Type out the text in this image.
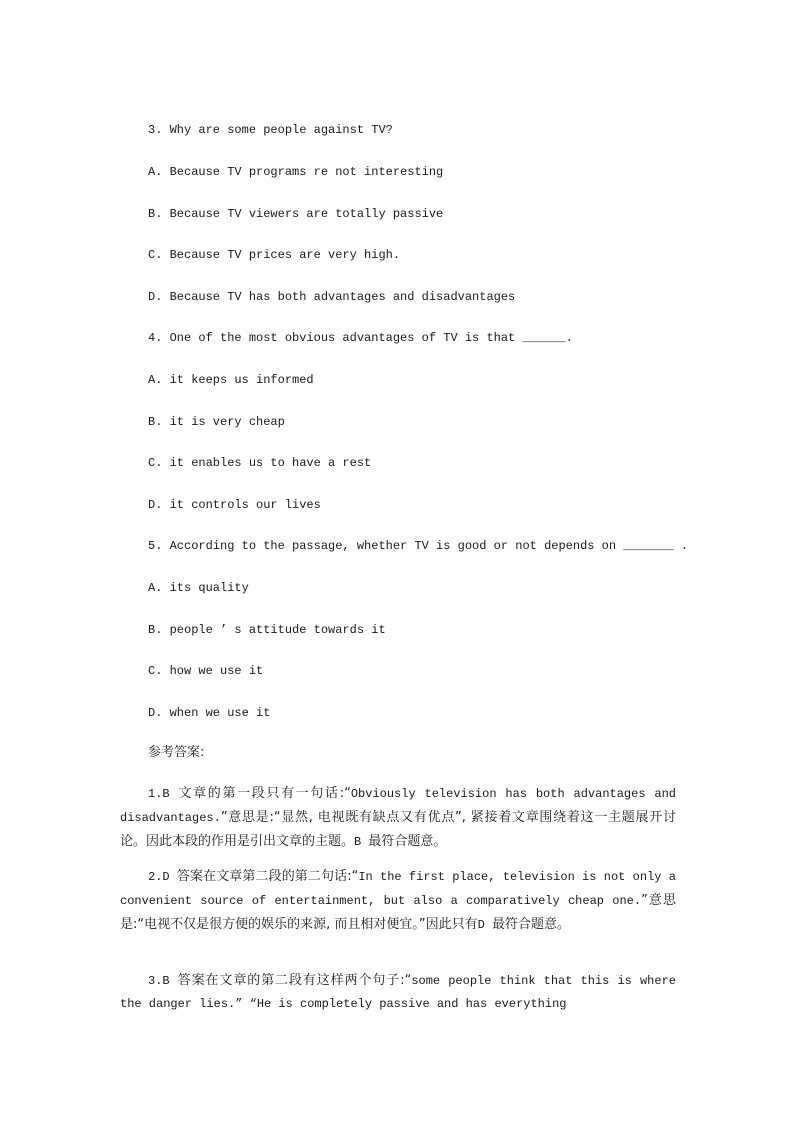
3. Why are some people against TV?
A. Because TV programs re not interesting
B. Because TV viewers are totally passive
C. Because TV prices are very high.
D. Because TV has both advantages and disadvantages
4. One of the most obvious advantages of TV is that ______.
A. it keeps us informed
B. it is very cheap
C. it enables us to have a rest
D. it controls our lives
5. According to the passage, whether TV is good or not depends on _______ .
A. its quality
B. people ’ s attitude towards it
C. how we use it
D. when we use it
参考答案:
1.B 文章的第一段只有一句话:“Obviously television has both advantages and disadvantages.”意思是:“显然, 电视既有缺点又有优点”, 紧接着文章围绕着这一主题展开讨论。因此本段的作用是引出文章的主题。B 最符合题意。
2.D 答案在文章第二段的第二句话:“In the first place, television is not only a convenient source of entertainment, but also a comparatively cheap one.”意思是:“电视不仅是很方便的娱乐的来源, 而且相对便宜。”因此只有D 最符合题意。
3.B 答案在文章的第二段有这样两个句子:“some people think that this is where the danger lies.” “He is completely passive and has everything
